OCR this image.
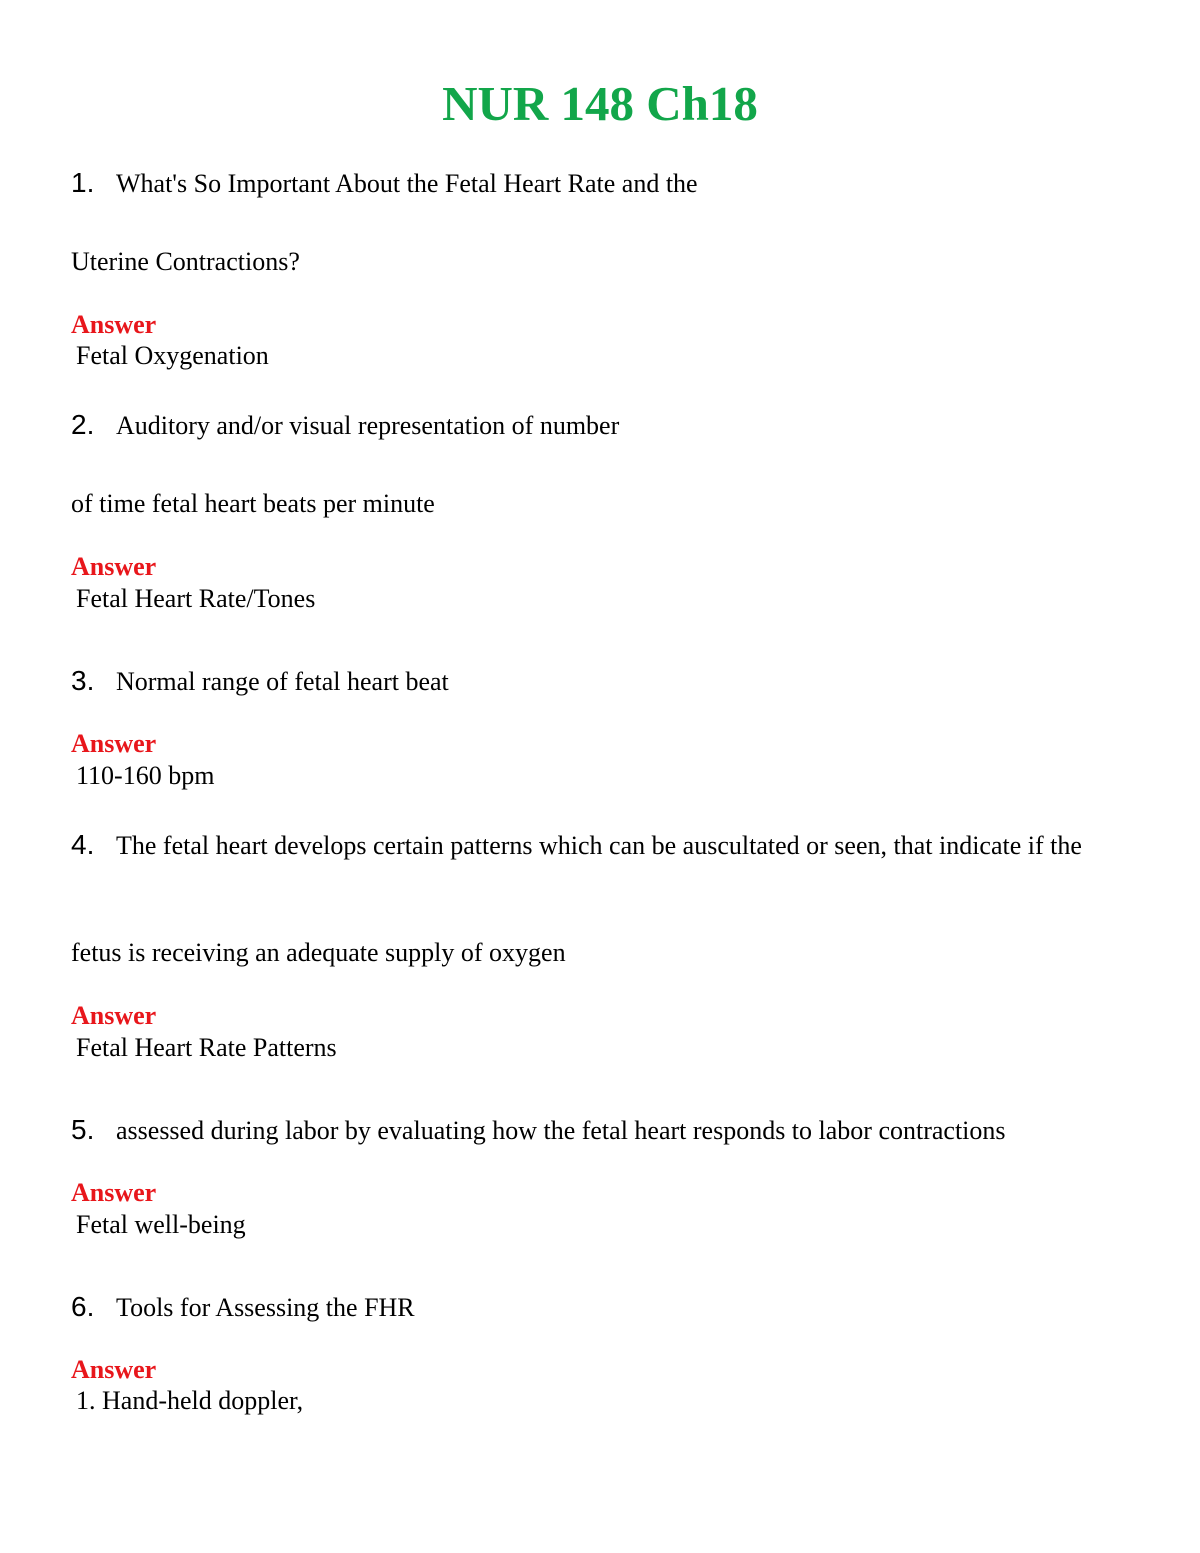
NUR 148 Ch18
1. What's So Important About the Fetal Heart Rate and the
Uterine Contractions?
Answer
Fetal Oxygenation
2. Auditory and/or visual representation of number
of time fetal heart beats per minute
Answer
Fetal Heart Rate/Tones
3. Normal range of fetal heart beat
Answer
110-160 bpm
4. The fetal heart develops certain patterns which can be auscultated or seen, that indicate if the
fetus is receiving an adequate supply of oxygen
Answer
Fetal Heart Rate Patterns
5. assessed during labor by evaluating how the fetal heart responds to labor contractions
Answer
Fetal well-being
6. Tools for Assessing the FHR
Answer
1. Hand-held doppler,
